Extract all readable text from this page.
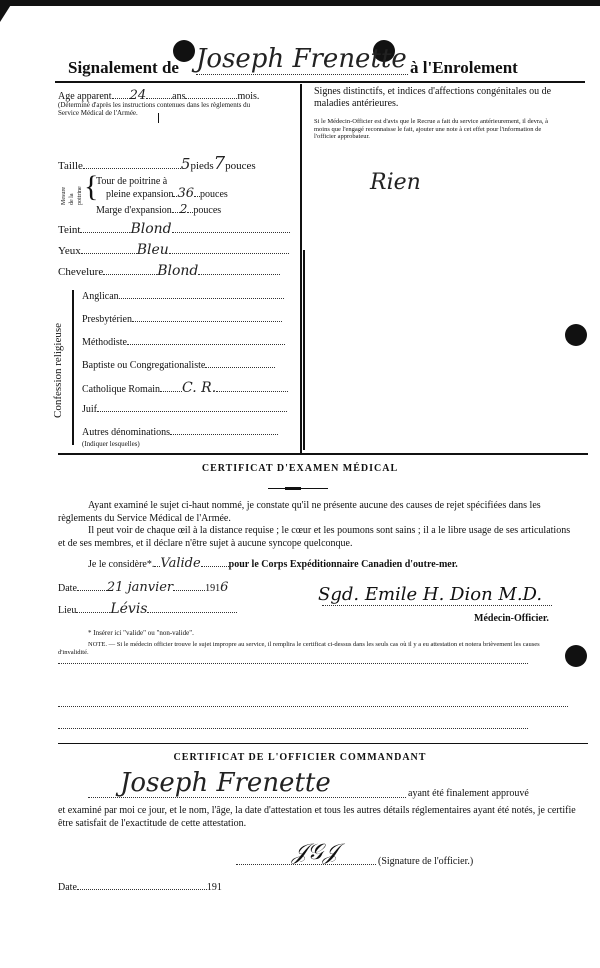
Signalement de Joseph Frenette à l'Enrolement
Age apparent 24	ans	mois.
(Déterminé d'après les instructions contenues dans les règlements du Service Médical de l'Armée.
Taille	5pieds7pouces
Mesure de la poitrine {
Tour de poitrine à
pleine expansion 36 pouces
Marge d'expansion 2 pouces
Teint	Blond
Yeux	Bleu
Chevelure	Blond
Confession religieuse
Anglican
Presbytérien
Méthodiste
Baptiste ou Congregationaliste
Catholique Romain C. R.
Juif
Autres dénominations
(Indiquer lesquelles)
Signes distinctifs, et indices d'affections congénitales ou de maladies antérieures.
Si le Médecin-Officier est d'avis que le Recrue a fait du service antérieurement, il devra, à moins que l'engagé reconnaisse le fait, ajouter une note à cet effet pour l'information de l'officier approbateur.
Rien
CERTIFICAT D'EXAMEN MÉDICAL
Ayant examiné le sujet ci-haut nommé, je constate qu'il ne présente aucune des causes de rejet spécifiées dans les règlements du Service Médical de l'Armée.
Il peut voir de chaque œil à la distance requise ; le cœur et les poumons sont sains ; il a le libre usage de ses articulations et de ses membres, et il déclare n'être sujet à aucune syncope quelconque.
Je le considère*. Valide	pour le Corps Expéditionnaire Canadien d'outre-mer.
Date 21 janvier	1916
Lieu Lévis
Sgd. Emile H. Dion M.D.
Médecin-Officier.
* Insérer ici "valide" ou "non-valide".
NOTE. — Si le médecin officier trouve le sujet impropre au service, il remplira le certificat ci-dessus dans les seuls cas où il y a eu attestation et notera brièvement les causes d'invalidité.
CERTIFICAT DE L'OFFICIER COMMANDANT
Joseph Frenette	ayant été finalement approuvé
et examiné par moi ce jour, et le nom, l'âge, la date d'attestation et tous les autres détails réglementaires ayant été notés, je certifie être satisfait de l'exactitude de cette attestation.
𝒥𝒢𝒥	(Signature de l'officier.)
Date	191
